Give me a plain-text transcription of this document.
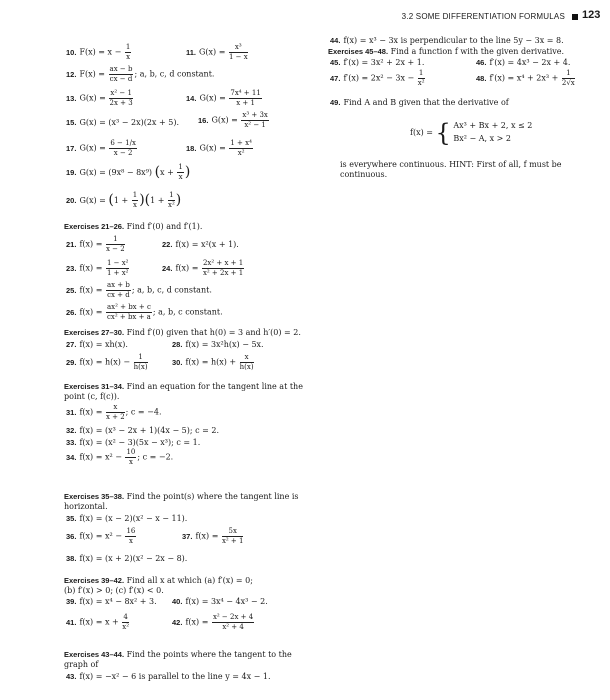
3.2 SOME DIFFERENTIATION FORMULAS 123
10. $F(x) = x - \frac{1}{x}$	11. $G(x) = \frac{\text{x³}}{1 - x}$
12. $F(x) = \frac{ax - b}{cx - d}$ ; a, b, c, d constant.
13. $G(x) = \frac{\text{x² − 1}}{2x + 3}$	14. $G(x) = \frac{\text{7x⁴ + 11}}{x + 1}$
15. G(x) = (x³ − 2x)(2x + 5).	16. $G(x) = \frac{\text{x³ + 3x}}{\text{x² − 1}}$
17. $G(x) = \frac{6 - 1/x}{x - 2}$	18. $G(x) = \frac{\text{1 + x⁴}}{\text{x²}}$
19. G(x) = (9x⁸ − 8x⁹) ($x + \frac{1}{x}$ )
20. $G(x) = (1 + \frac{1}{x} )(1 + \frac{1}{\text{x²}}$ )
Exercises 21–26. Find f′(0) and f′(1).
21. $f(x) = \frac{1}{x - 2}$	22. f(x) = x²(x + 1).
23. $f(x) = \frac{\text{1 − x²}}{\text{1 + x²}}$	24. $f(x) = \frac{\text{2x² + x + 1}}{\text{x² + 2x + 1}}$
25. $f(x) = \frac{ax + b}{cx + d}$ ; a, b, c, d constant.
26. $f(x) = \frac{\text{ax² + bx + c}}{\text{cx² + bx + a}}$ ; a, b, c constant.
Exercises 27–30. Find f′(0) given that h(0) = 3 and h′(0) = 2.
27. f(x) = xh(x).	28. f(x) = 3x²h(x) − 5x.
29. $f(x) = h(x) - \frac{1}{h(x)}$	30. $f(x) = h(x) + \frac{x}{h(x)}$
Exercises 31–34. Find an equation for the tangent line at the
point (c, f(c)).
31. $f(x) = \frac{x}{x + 2}$ ; c = −4.
32. f(x) = (x³ − 2x + 1)(4x − 5); c = 2.
33. f(x) = (x² − 3)(5x − x³); c = 1.
34. $f(x) = x^2 - \frac{10}{x}$ ; c = −2.
Exercises 35–38. Find the point(s) where the tangent line is
horizontal.
35. f(x) = (x − 2)(x² − x − 11).
36. $f(x) = x^2 - \frac{16}{x}$	37. $f(x) = \frac{5x}{\text{x² + 1}}$
38. f(x) = (x + 2)(x² − 2x − 8).
Exercises 39–42. Find all x at which (a) f′(x) = 0;
(b) f′(x) > 0; (c) f′(x) < 0.
39. f(x) = x⁴ − 8x² + 3. 40. f(x) = 3x⁴ − 4x³ − 2.
41. $f(x) = x + \frac{4}{\text{x²}}$	42. $f(x) = \frac{\text{x² − 2x + 4}}{\text{x² + 4}}$
Exercises 43–44. Find the points where the tangent to the
graph of
43. f(x) = −x² − 6 is parallel to the line y = 4x − 1.
44. f(x) = x³ − 3x is perpendicular to the line 5y − 3x = 8.
Exercises 45–48. Find a function f with the given derivative.
45. f′(x) = 3x² + 2x + 1.	46. f′(x) = 4x³ − 2x + 4.
47. $f'(x) = 2x^2 - 3x - \frac{1}{\text{x²}}$	48. $f'(x) = x^4 + 2x^3 + \frac{1}{2√x}$
49. Find A and B given that the derivative of
f(x) = { Ax³ + Bx + 2, x ≤ 2
Bx² − A, x > 2
is everywhere continuous. HINT: First of all, f must be
continuous.
